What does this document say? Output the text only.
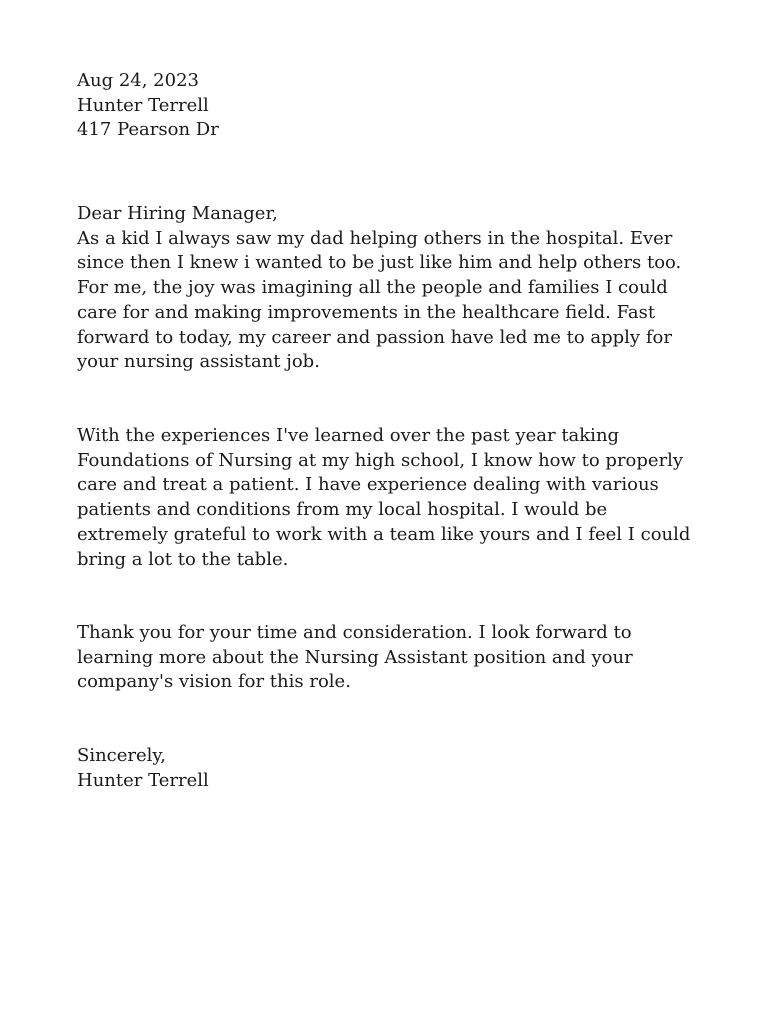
Aug 24, 2023
Hunter Terrell
417 Pearson Dr
Dear Hiring Manager,
As a kid I always saw my dad helping others in the hospital. Ever
since then I knew i wanted to be just like him and help others too.
For me, the joy was imagining all the people and families I could
care for and making improvements in the healthcare field. Fast
forward to today, my career and passion have led me to apply for
your nursing assistant job.
With the experiences I've learned over the past year taking
Foundations of Nursing at my high school, I know how to properly
care and treat a patient. I have experience dealing with various
patients and conditions from my local hospital. I would be
extremely grateful to work with a team like yours and I feel I could
bring a lot to the table.
Thank you for your time and consideration. I look forward to
learning more about the Nursing Assistant position and your
company's vision for this role.
Sincerely,
Hunter Terrell
